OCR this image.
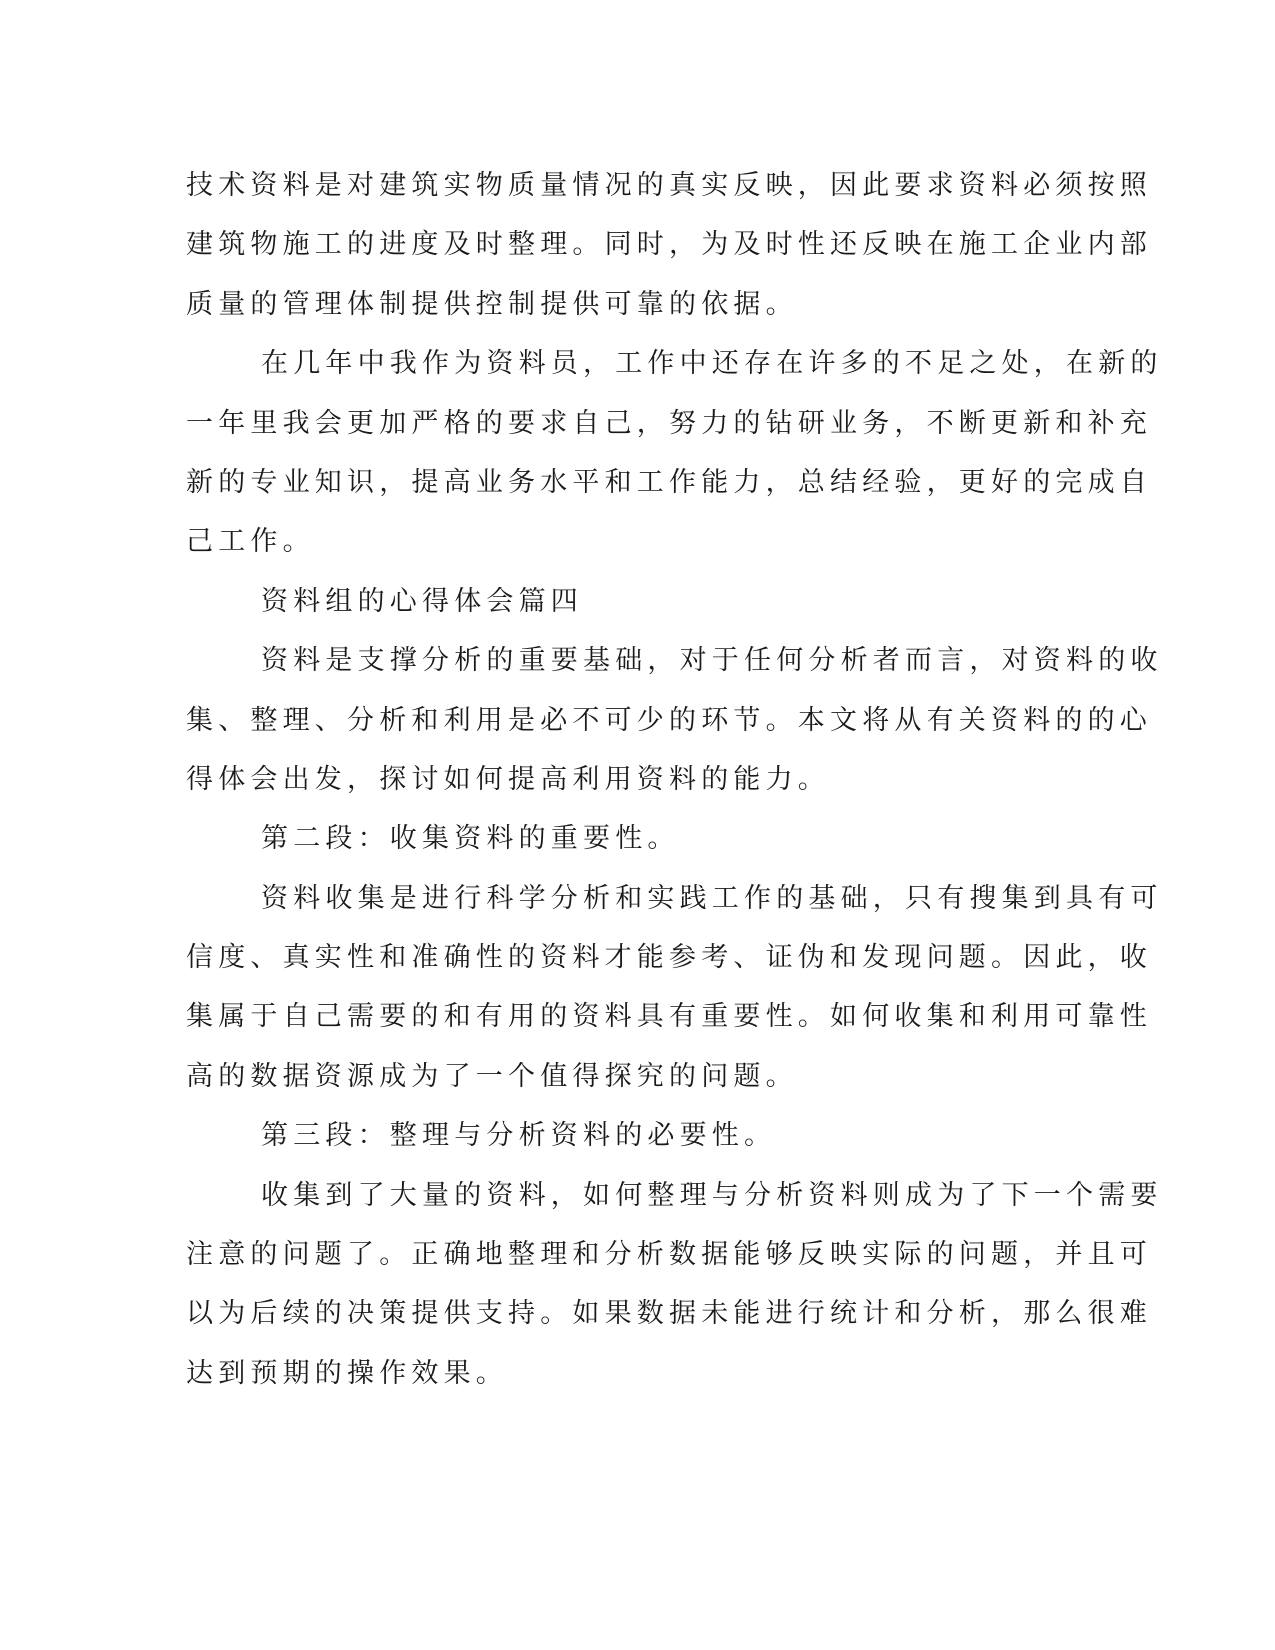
技术资料是对建筑实物质量情况的真实反映，因此要求资料必须按照

建筑物施工的进度及时整理。同时，为及时性还反映在施工企业内部

质量的管理体制提供控制提供可靠的依据。

在几年中我作为资料员，工作中还存在许多的不足之处，在新的

一年里我会更加严格的要求自己，努力的钻研业务，不断更新和补充

新的专业知识，提高业务水平和工作能力，总结经验，更好的完成自

己工作。

资料组的心得体会篇四

资料是支撑分析的重要基础，对于任何分析者而言，对资料的收

集、整理、分析和利用是必不可少的环节。本文将从有关资料的的心

得体会出发，探讨如何提高利用资料的能力。

第二段：收集资料的重要性。

资料收集是进行科学分析和实践工作的基础，只有搜集到具有可

信度、真实性和准确性的资料才能参考、证伪和发现问题。因此，收

集属于自己需要的和有用的资料具有重要性。如何收集和利用可靠性

高的数据资源成为了一个值得探究的问题。

第三段：整理与分析资料的必要性。

收集到了大量的资料，如何整理与分析资料则成为了下一个需要

注意的问题了。正确地整理和分析数据能够反映实际的问题，并且可

以为后续的决策提供支持。如果数据未能进行统计和分析，那么很难

达到预期的操作效果。
